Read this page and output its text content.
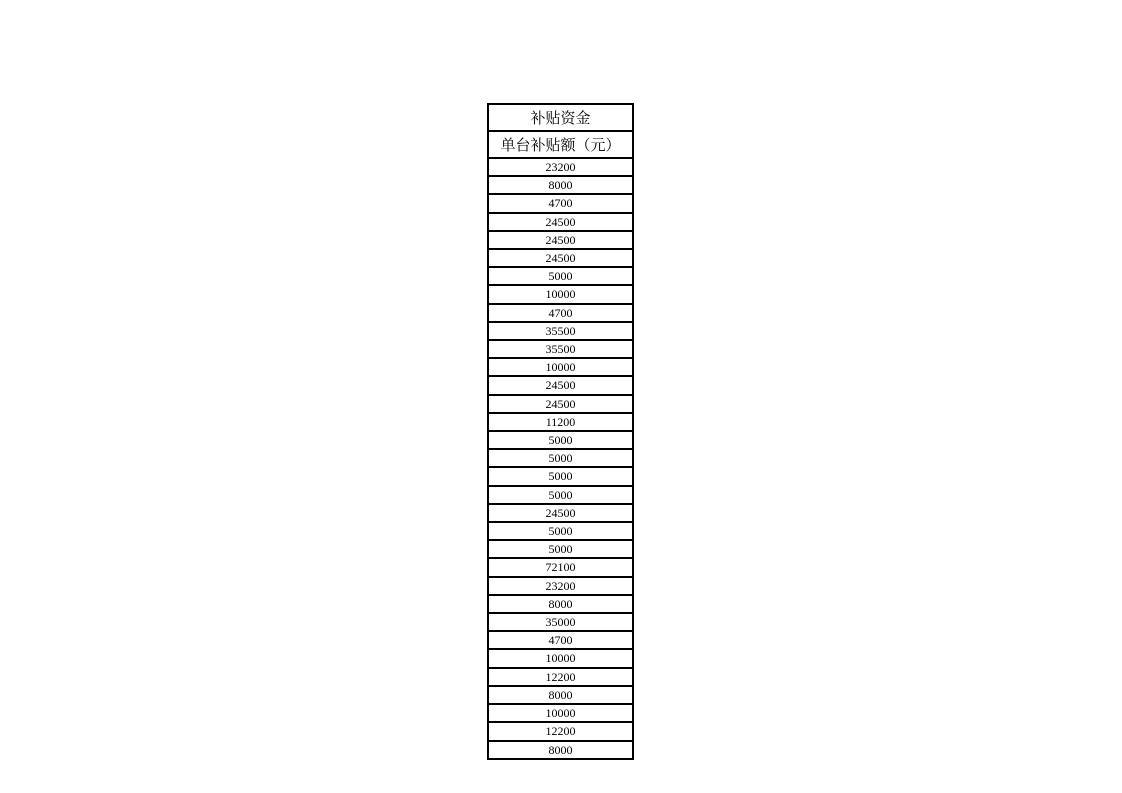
补贴资金
单台补贴额（元）
23200
8000
4700
24500
24500
24500
5000
10000
4700
35500
35500
10000
24500
24500
11200
5000
5000
5000
5000
24500
5000
5000
72100
23200
8000
35000
4700
10000
12200
8000
10000
12200
8000
